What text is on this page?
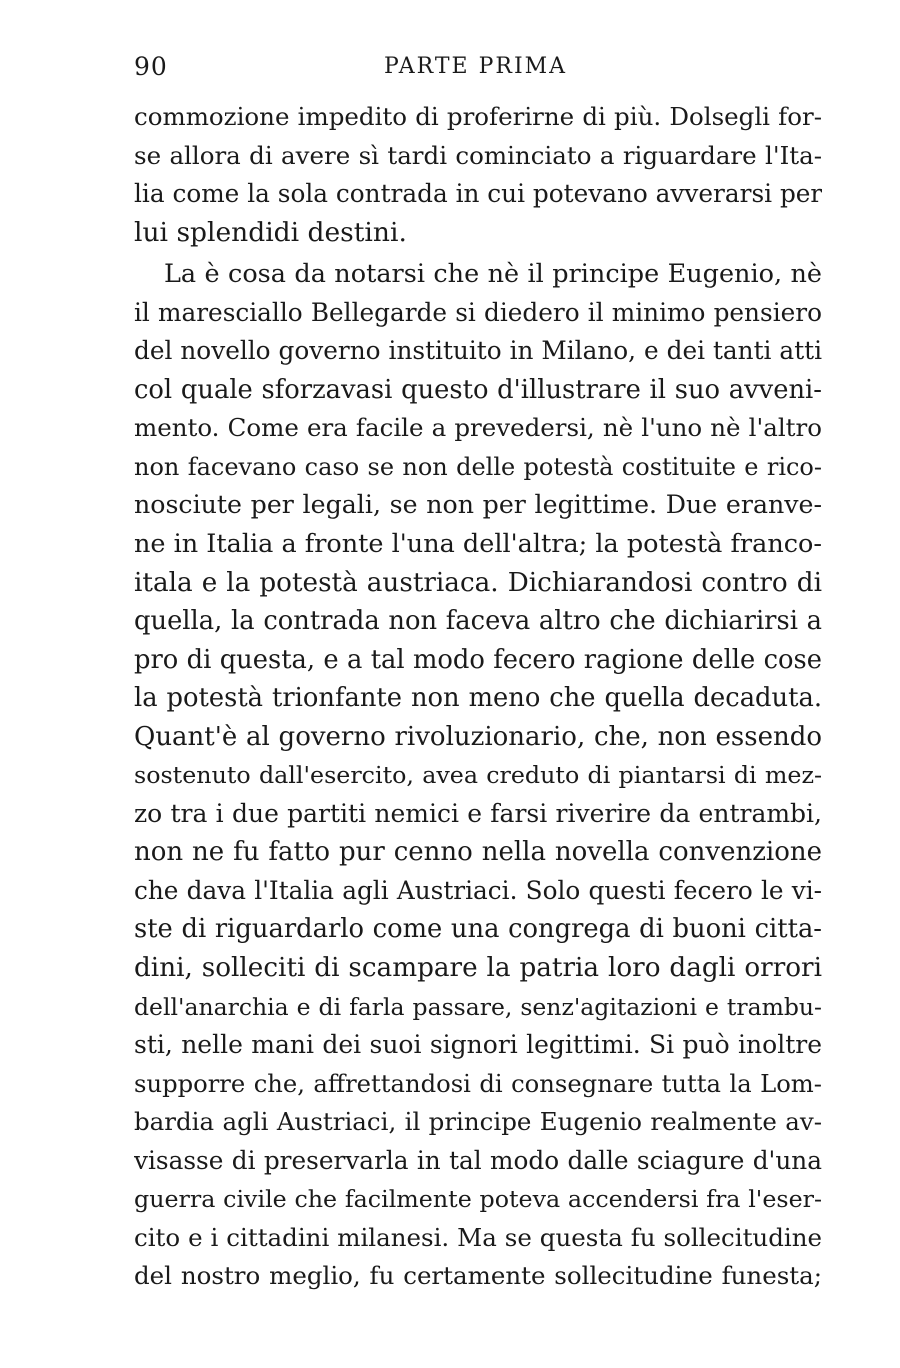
90	PARTE PRIMA
commozione impedito di proferirne di più. Dolsegli for-
se allora di avere sì tardi cominciato a riguardare l'Ita-
lia come la sola contrada in cui potevano avverarsi per
lui splendidi destini.
La è cosa da notarsi che nè il principe Eugenio, nè
il maresciallo Bellegarde si diedero il minimo pensiero
del novello governo instituito in Milano, e dei tanti atti
col quale sforzavasi questo d'illustrare il suo avveni-
mento. Come era facile a prevedersi, nè l'uno nè l'altro
non facevano caso se non delle potestà costituite e rico-
nosciute per legali, se non per legittime. Due eranve-
ne in Italia a fronte l'una dell'altra; la potestà franco-
itala e la potestà austriaca. Dichiarandosi contro di
quella, la contrada non faceva altro che dichiarirsi a
pro di questa, e a tal modo fecero ragione delle cose
la potestà trionfante non meno che quella decaduta.
Quant'è al governo rivoluzionario, che, non essendo
sostenuto dall'esercito, avea creduto di piantarsi di mez-
zo tra i due partiti nemici e farsi riverire da entrambi,
non ne fu fatto pur cenno nella novella convenzione
che dava l'Italia agli Austriaci. Solo questi fecero le vi-
ste di riguardarlo come una congrega di buoni citta-
dini, solleciti di scampare la patria loro dagli orrori
dell'anarchia e di farla passare, senz'agitazioni e trambu-
sti, nelle mani dei suoi signori legittimi. Si può inoltre
supporre che, affrettandosi di consegnare tutta la Lom-
bardia agli Austriaci, il principe Eugenio realmente av-
visasse di preservarla in tal modo dalle sciagure d'una
guerra civile che facilmente poteva accendersi fra l'eser-
cito e i cittadini milanesi. Ma se questa fu sollecitudine
del nostro meglio, fu certamente sollecitudine funesta;
